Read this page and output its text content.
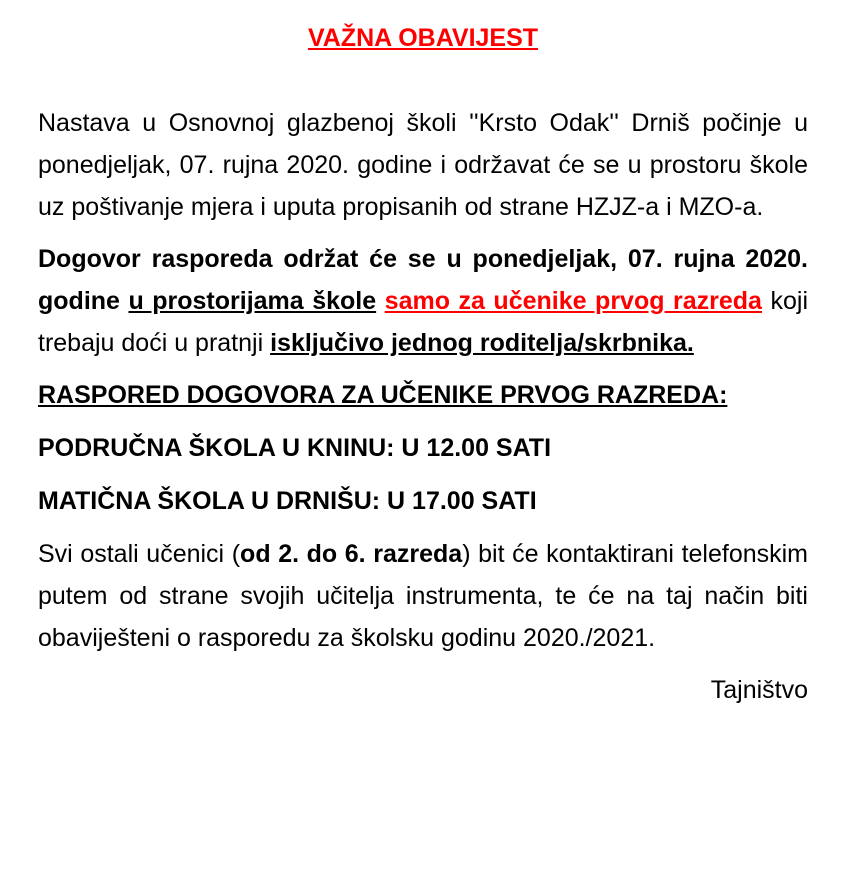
VAŽNA OBAVIJEST

Nastava u Osnovnoj glazbenoj školi ''Krsto Odak'' Drniš počinje u ponedjeljak, 07. rujna 2020. godine i održavat će se u prostoru škole uz poštivanje mjera i uputa propisanih od strane HZJZ-a i MZO-a.

Dogovor rasporeda održat će se u ponedjeljak, 07. rujna 2020. godine u prostorijama škole samo za učenike prvog razreda koji trebaju doći u pratnji isključivo jednog roditelja/skrbnika.

RASPORED DOGOVORA ZA UČENIKE PRVOG RAZREDA:
PODRUČNA ŠKOLA U KNINU: U 12.00 SATI
MATIČNA ŠKOLA U DRNIŠU: U 17.00 SATI

Svi ostali učenici (od 2. do 6. razreda) bit će kontaktirani telefonskim putem od strane svojih učitelja instrumenta, te će na taj način biti obaviješteni o rasporedu za školsku godinu 2020./2021.

Tajništvo
